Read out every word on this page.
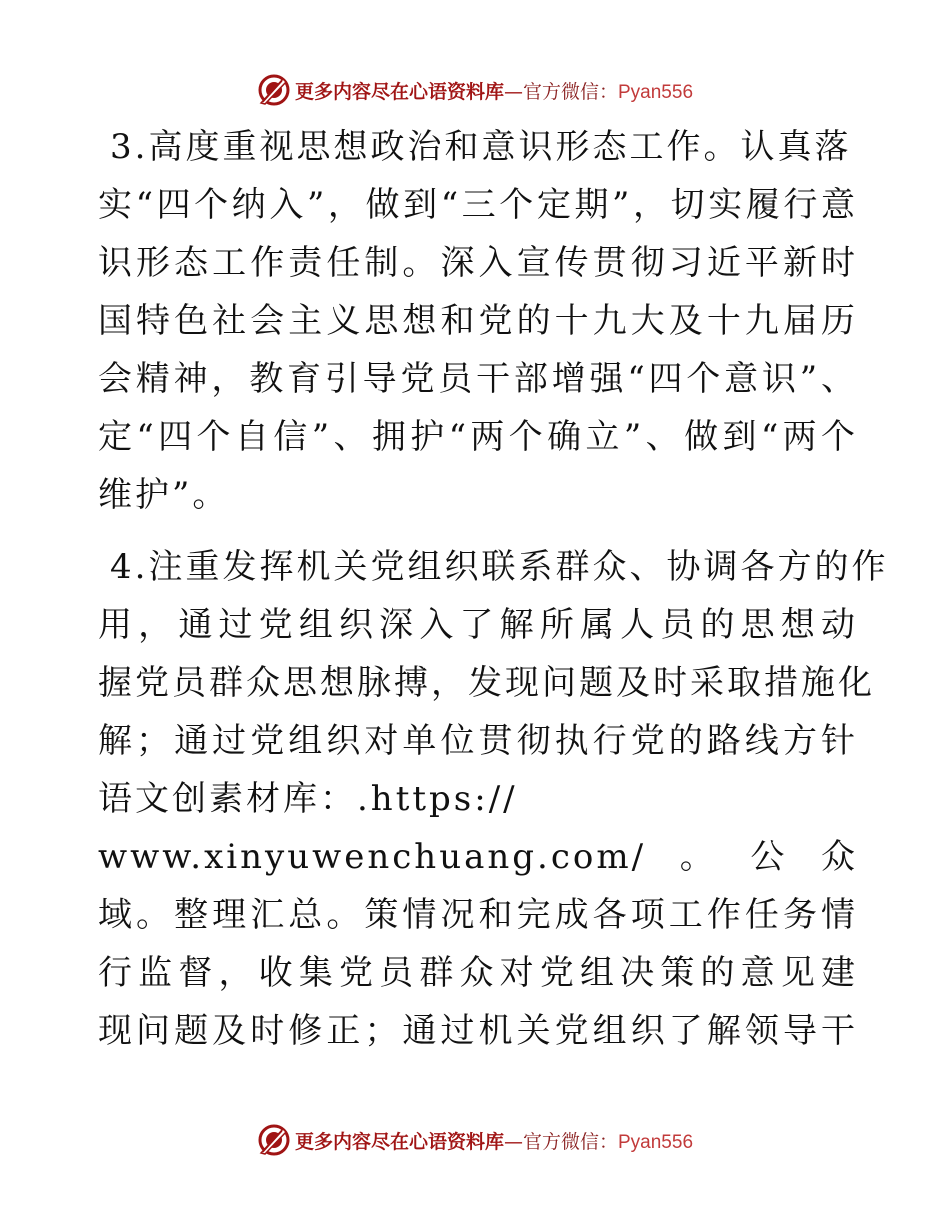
更多内容尽在心语资料库—官方微信：Pyan556
3.高度重视思想政治和意识形态工作。认真落
实“四个纳入”，做到“三个定期”，切实履行意
识形态工作责任制。深入宣传贯彻习近平新时
国特色社会主义思想和党的十九大及十九届历
会精神，教育引导党员干部增强“四个意识”、
定“四个自信”、拥护“两个确立”、做到“两个
维护”。
4.注重发挥机关党组织联系群众、协调各方的作
用，通过党组织深入了解所属人员的思想动
握党员群众思想脉搏，发现问题及时采取措施化
解；通过党组织对单位贯彻执行党的路线方针
语文创素材库：.https://
www.xinyuwenchuang.com/。公众
域。整理汇总。策情况和完成各项工作任务情
行监督，收集党员群众对党组决策的意见建
现问题及时修正；通过机关党组织了解领导干
更多内容尽在心语资料库—官方微信：Pyan556
